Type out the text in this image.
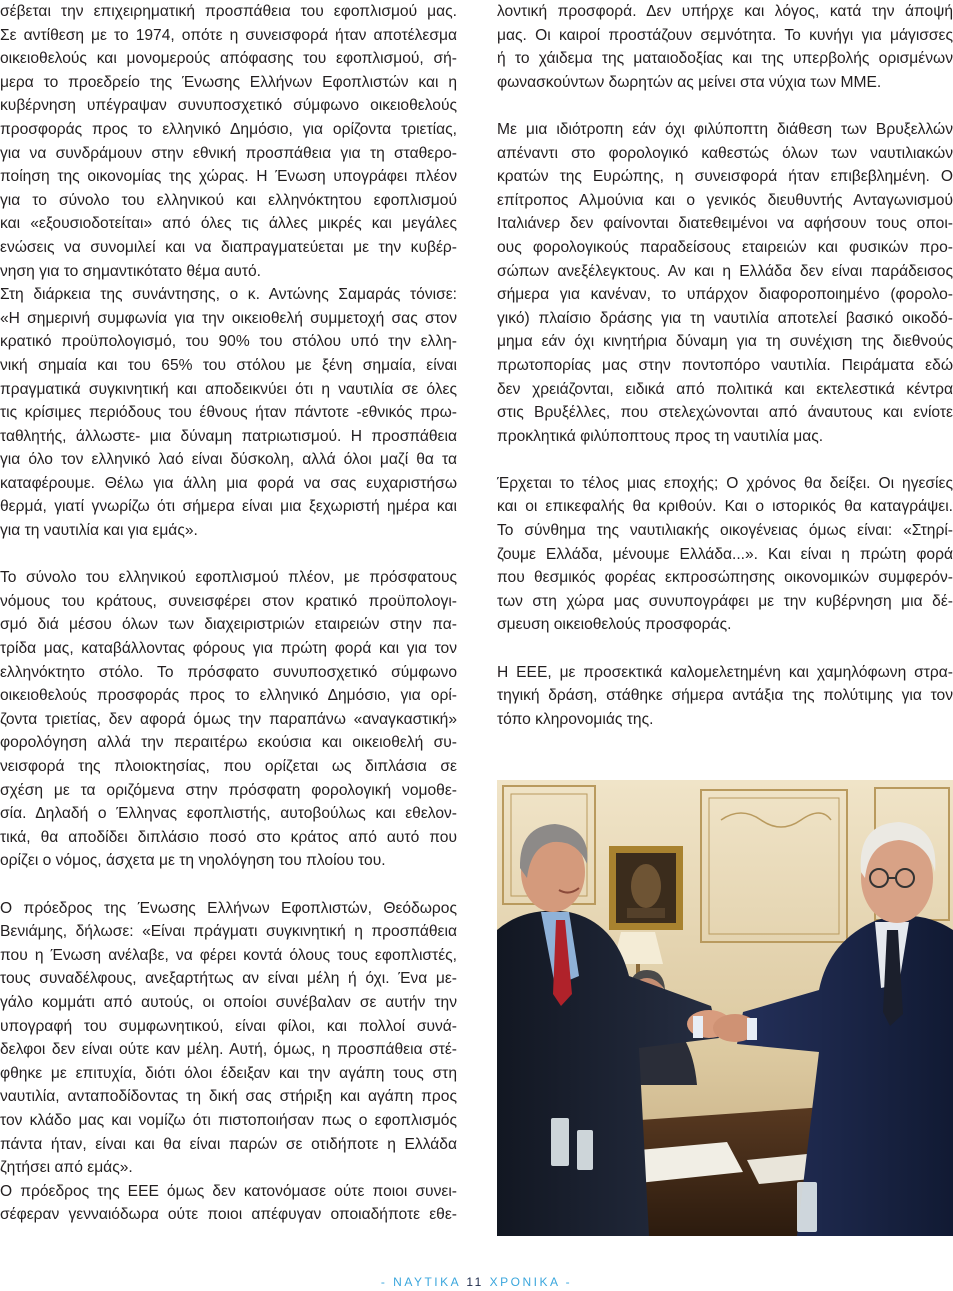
σέβεται την επιχειρηματική προσπάθεια του εφοπλισμού μας.
Σε αντίθεση με το 1974, οπότε η συνεισφορά ήταν αποτέλεσμα
οικειοθελούς και μονομερούς απόφασης του εφοπλισμού, σή-
μερα το προεδρείο της Ένωσης Ελλήνων Εφοπλιστών και η
κυβέρνηση υπέγραψαν συνυποσχετικό σύμφωνο οικειοθελούς
προσφοράς προς το ελληνικό Δημόσιο, για ορίζοντα τριετίας,
για να συνδράμουν στην εθνική προσπάθεια για τη σταθερο-
ποίηση της οικονομίας της χώρας. Η Ένωση υπογράφει πλέον
για το σύνολο του ελληνικού και ελληνόκτητου εφοπλισμού
και «εξουσιοδοτείται» από όλες τις άλλες μικρές και μεγάλες
ενώσεις να συνομιλεί και να διαπραγματεύεται με την κυβέρ-
νηση για το σημαντικότατο θέμα αυτό.
Στη διάρκεια της συνάντησης, ο κ. Αντώνης Σαμαράς τόνισε:
«Η σημερινή συμφωνία για την οικειοθελή συμμετοχή σας στον
κρατικό προϋπολογισμό, του 90% του στόλου υπό την ελλη-
νική σημαία και του 65% του στόλου με ξένη σημαία, είναι
πραγματικά συγκινητική και αποδεικνύει ότι η ναυτιλία σε όλες
τις κρίσιμες περιόδους του έθνους ήταν πάντοτε -εθνικός πρω-
ταθλητής, άλλωστε- μια δύναμη πατριωτισμού. Η προσπάθεια
για όλο τον ελληνικό λαό είναι δύσκολη, αλλά όλοι μαζί θα τα
καταφέρουμε. Θέλω για άλλη μια φορά να σας ευχαριστήσω
θερμά, γιατί γνωρίζω ότι σήμερα είναι μια ξεχωριστή ημέρα και
για τη ναυτιλία και για εμάς».
Το σύνολο του ελληνικού εφοπλισμού πλέον, με πρόσφατους
νόμους του κράτους, συνεισφέρει στον κρατικό προϋπολογι-
σμό διά μέσου όλων των διαχειριστριών εταιρειών στην πα-
τρίδα μας, καταβάλλοντας φόρους για πρώτη φορά και για τον
ελληνόκτητο στόλο. Το πρόσφατο συνυποσχετικό σύμφωνο
οικειοθελούς προσφοράς προς το ελληνικό Δημόσιο, για ορί-
ζοντα τριετίας, δεν αφορά όμως την παραπάνω «αναγκαστική»
φορολόγηση αλλά την περαιτέρω εκούσια και οικειοθελή συ-
νεισφορά της πλοιοκτησίας, που ορίζεται ως διπλάσια σε
σχέση με τα οριζόμενα στην πρόσφατη φορολογική νομοθε-
σία. Δηλαδή ο Έλληνας εφοπλιστής, αυτοβούλως και εθελον-
τικά, θα αποδίδει διπλάσιο ποσό στο κράτος από αυτό που
ορίζει ο νόμος, άσχετα με τη νηολόγηση του πλοίου του.
Ο πρόεδρος της Ένωσης Ελλήνων Εφοπλιστών, Θεόδωρος
Βενιάμης, δήλωσε: «Είναι πράγματι συγκινητική η προσπάθεια
που η Ένωση ανέλαβε, να φέρει κοντά όλους τους εφοπλιστές,
τους συναδέλφους, ανεξαρτήτως αν είναι μέλη ή όχι. Ένα με-
γάλο κομμάτι από αυτούς, οι οποίοι συνέβαλαν σε αυτήν την
υπογραφή του συμφωνητικού, είναι φίλοι, και πολλοί συνά-
δελφοι δεν είναι ούτε καν μέλη. Αυτή, όμως, η προσπάθεια στέ-
φθηκε με επιτυχία, διότι όλοι έδειξαν και την αγάπη τους στη
ναυτιλία, ανταποδίδοντας τη δική σας στήριξη και αγάπη προς
τον κλάδο μας και νομίζω ότι πιστοποιήσαν πως ο εφοπλισμός
πάντα ήταν, είναι και θα είναι παρών σε οτιδήποτε η Ελλάδα
ζητήσει από εμάς».
Ο πρόεδρος της ΕΕΕ όμως δεν κατονόμασε ούτε ποιοι συνει-
σέφεραν γενναιόδωρα ούτε ποιοι απέφυγαν οποιαδήποτε εθε-
λοντική προσφορά. Δεν υπήρχε και λόγος, κατά την άποψή
μας. Οι καιροί προστάζουν σεμνότητα. Το κυνήγι για μάγισσες
ή το χάιδεμα της ματαιοδοξίας και της υπερβολής ορισμένων
φωνασκούντων δωρητών ας μείνει στα νύχια των ΜΜΕ.
Με μια ιδιότροπη εάν όχι φιλύποπτη διάθεση των Βρυξελλών
απέναντι στο φορολογικό καθεστώς όλων των ναυτιλιακών
κρατών της Ευρώπης, η συνεισφορά ήταν επιβεβλημένη. Ο
επίτροπος Αλμούνια και ο γενικός διευθυντής Ανταγωνισμού
Ιταλιάνερ δεν φαίνονται διατεθειμένοι να αφήσουν τους οποι-
ους φορολογικούς παραδείσους εταιρειών και φυσικών προ-
σώπων ανεξέλεγκτους. Αν και η Ελλάδα δεν είναι παράδεισος
σήμερα για κανέναν, το υπάρχον διαφοροποιημένο (φορολο-
γικό) πλαίσιο δράσης για τη ναυτιλία αποτελεί βασικό οικοδό-
μημα εάν όχι κινητήρια δύναμη για τη συνέχιση της διεθνούς
πρωτοπορίας μας στην ποντοπόρο ναυτιλία. Πειράματα εδώ
δεν χρειάζονται, ειδικά από πολιτικά και εκτελεστικά κέντρα
στις Βρυξέλλες, που στελεχώνονται από άναυτους και ενίοτε
προκλητικά φιλύποπτους προς τη ναυτιλία μας.
Έρχεται το τέλος μιας εποχής; Ο χρόνος θα δείξει. Οι ηγεσίες
και οι επικεφαλής θα κριθούν. Και ο ιστορικός θα καταγράψει.
Το σύνθημα της ναυτιλιακής οικογένειας όμως είναι: «Στηρί-
ζουμε Ελλάδα, μένουμε Ελλάδα...». Και είναι η πρώτη φορά
που θεσμικός φορέας εκπροσώπησης οικονομικών συμφερόν-
των στη χώρα μας συνυπογράφει με την κυβέρνηση μια δέ-
σμευση οικειοθελούς προσφοράς.
Η ΕΕΕ, με προσεκτικά καλομελετημένη και χαμηλόφωνη στρα-
τηγική δράση, στάθηκε σήμερα αντάξια της πολύτιμης για τον
τόπο κληρονομιάς της.
- ΝΑΥΤΙΚΑ 11 ΧΡΟΝΙΚΑ -
